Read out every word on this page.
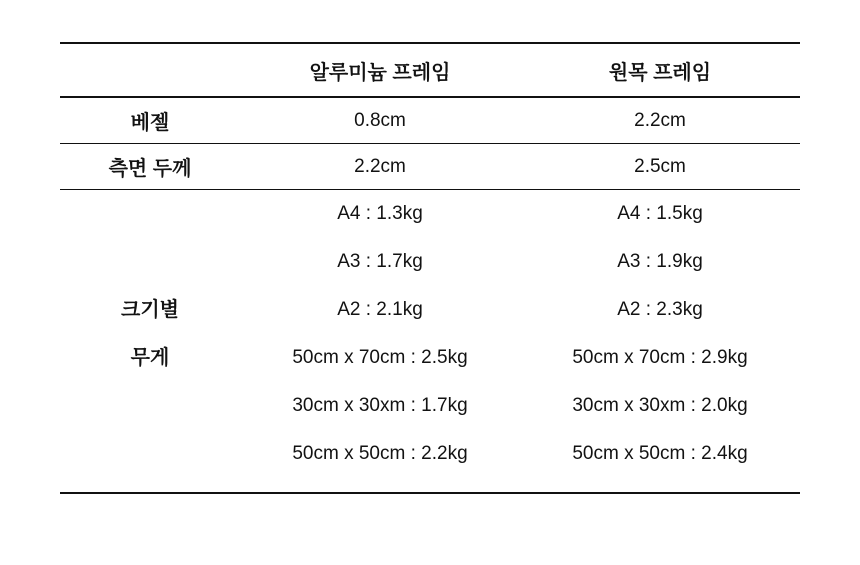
	알루미늄 프레임	원목 프레임
베젤	0.8cm	2.2cm
측면 두께	2.2cm	2.5cm
	A4 : 1.3kg	A4 : 1.5kg
	A3 : 1.7kg	A3 : 1.9kg
크기별	A2 : 2.1kg	A2 : 2.3kg
무게	50cm x 70cm : 2.5kg	50cm x 70cm : 2.9kg
	30cm x 30xm : 1.7kg	30cm x 30xm : 2.0kg
	50cm x 50cm : 2.2kg	50cm x 50cm : 2.4kg
